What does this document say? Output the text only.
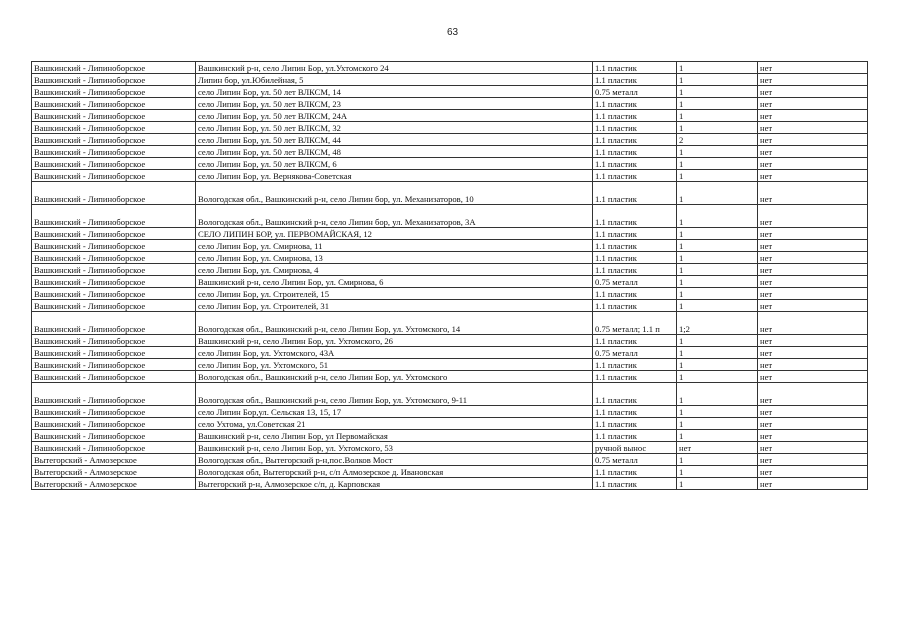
63
Вашкинский - Липиноборское	Вашкинский р-н, село Липин Бор, ул.Ухтомского 24	1.1 пластик	1	нет
Вашкинский - Липиноборское	Липин бор, ул.Юбилейная, 5	1.1 пластик	1	нет
Вашкинский - Липиноборское	село Липин Бор, ул. 50 лет ВЛКСМ, 14	0.75 металл	1	нет
Вашкинский - Липиноборское	село Липин Бор, ул. 50 лет ВЛКСМ, 23	1.1 пластик	1	нет
Вашкинский - Липиноборское	село Липин Бор, ул. 50 лет ВЛКСМ, 24А	1.1 пластик	1	нет
Вашкинский - Липиноборское	село Липин Бор, ул. 50 лет ВЛКСМ, 32	1.1 пластик	1	нет
Вашкинский - Липиноборское	село Липин Бор, ул. 50 лет ВЛКСМ, 44	1.1 пластик	2	нет
Вашкинский - Липиноборское	село Липин Бор, ул. 50 лет ВЛКСМ, 48	1.1 пластик	1	нет
Вашкинский - Липиноборское	село Липин Бор, ул. 50 лет ВЛКСМ, 6	1.1 пластик	1	нет
Вашкинский - Липиноборское	село Липин Бор, ул. Вернякова-Советская	1.1 пластик	1	нет
Вашкинский - Липиноборское	Вологодская обл., Вашкинский р-н, село Липин бор, ул. Механизаторов, 10	1.1 пластик	1	нет
Вашкинский - Липиноборское	Вологодская обл., Вашкинский р-н, село Липин бор, ул. Механизаторов, 3А	1.1 пластик	1	нет
Вашкинский - Липиноборское	СЕЛО ЛИПИН БОР, ул. ПЕРВОМАЙСКАЯ, 12	1.1 пластик	1	нет
Вашкинский - Липиноборское	село Липин Бор, ул. Смирнова, 11	1.1 пластик	1	нет
Вашкинский - Липиноборское	село Липин Бор, ул. Смирнова, 13	1.1 пластик	1	нет
Вашкинский - Липиноборское	село Липин Бор, ул. Смирнова, 4	1.1 пластик	1	нет
Вашкинский - Липиноборское	Вашкинский р-н, село Липин Бор, ул. Смирнова, 6	0.75 металл	1	нет
Вашкинский - Липиноборское	село Липин Бор, ул. Строителей, 15	1.1 пластик	1	нет
Вашкинский - Липиноборское	село Липин Бор, ул. Строителей, 31	1.1 пластик	1	нет
Вашкинский - Липиноборское	Вологодская обл., Вашкинский р-н, село Липин Бор, ул. Ухтомского, 14	0.75 металл; 1.1 п	1;2	нет
Вашкинский - Липиноборское	Вашкинский р-н, село Липин Бор, ул. Ухтомского, 26	1.1 пластик	1	нет
Вашкинский - Липиноборское	село Липин Бор, ул. Ухтомского, 43А	0.75 металл	1	нет
Вашкинский - Липиноборское	село Липин Бор, ул. Ухтомского, 51	1.1 пластик	1	нет
Вашкинский - Липиноборское	Вологодская обл., Вашкинский р-н, село Липин Бор, ул. Ухтомского	1.1 пластик	1	нет
Вашкинский - Липиноборское	Вологодская обл., Вашкинский р-н, село Липин Бор, ул. Ухтомского, 9-11	1.1 пластик	1	нет
Вашкинский - Липиноборское	село Липин Бор,ул. Сельская 13, 15, 17	1.1 пластик	1	нет
Вашкинский - Липиноборское	село Ухтома, ул.Советская 21	1.1 пластик	1	нет
Вашкинский - Липиноборское	Вашкинский р-н, село Липин Бор, ул Первомайская	1.1 пластик	1	нет
Вашкинский - Липиноборское	Вашкинский р-н, село Липин Бор, ул. Ухтомского, 53	ручной вынос	нет	нет
Вытегорский - Алмозерское	Вологодская обл., Вытегорский р-н,пос.Волков Мост	0.75 металл	1	нет
Вытегорский - Алмозерское	Вологодская обл, Вытегорский р-н, с/п Алмозерское д. Ивановская	1.1 пластик	1	нет
Вытегорский - Алмозерское	Вытегорский р-н, Алмозерское с/п, д. Карповская	1.1 пластик	1	нет
